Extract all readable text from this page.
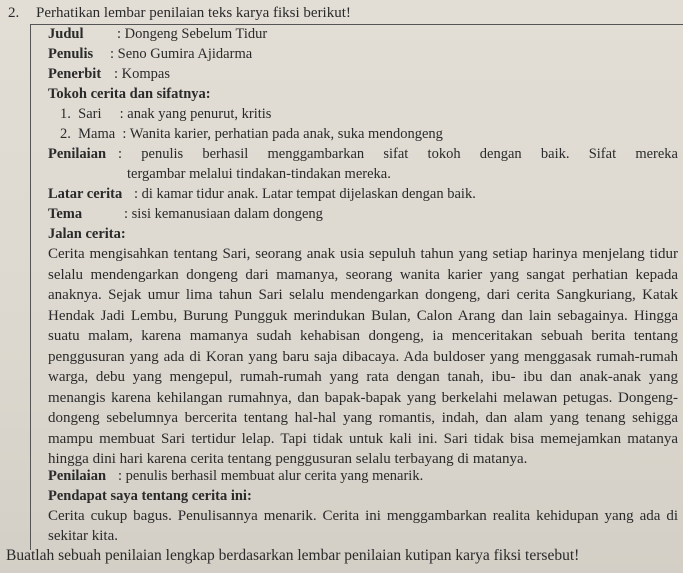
2. Perhatikan lembar penilaian teks karya fiksi berikut!
Judul : Dongeng Sebelum Tidur
Penulis : Seno Gumira Ajidarma
Penerbit : Kompas
Tokoh cerita dan sifatnya:
1.  Sari     : anak yang penurut, kritis
2.  Mama  : Wanita karier, perhatian pada anak, suka mendongeng
Penilaian : penulis berhasil menggambarkan sifat tokoh dengan baik. Sifat mereka
tergambar melalui tindakan-tindakan mereka.
Latar cerita : di kamar tidur anak. Latar tempat dijelaskan dengan baik.
Tema	: sisi kemanusiaan dalam dongeng
Jalan cerita:
Cerita mengisahkan tentang Sari, seorang anak usia sepuluh tahun yang setiap harinya menjelang tidur selalu mendengarkan dongeng dari mamanya, seorang wanita karier yang sangat perhatian kepada anaknya. Sejak umur lima tahun Sari selalu mendengarkan dongeng, dari cerita Sangkuriang, Katak Hendak Jadi Lembu, Burung Pungguk merindukan Bulan, Calon Arang dan lain sebagainya. Hingga suatu malam, karena mamanya sudah kehabisan dongeng, ia menceritakan sebuah berita tentang penggusuran yang ada di Koran yang baru saja dibacaya. Ada buldoser yang menggasak rumah-rumah warga, debu yang mengepul, rumah-rumah yang rata dengan tanah, ibu- ibu dan anak-anak yang menangis karena kehilangan rumahnya, dan bapak-bapak yang berkelahi melawan petugas. Dongeng-dongeng sebelumnya bercerita tentang hal-hal yang romantis, indah, dan alam yang tenang sehigga mampu membuat Sari tertidur lelap. Tapi tidak untuk kali ini. Sari tidak bisa memejamkan matanya hingga dini hari karena cerita tentang penggusuran selalu terbayang di matanya.
Penilaian : penulis berhasil membuat alur cerita yang menarik.
Pendapat saya tentang cerita ini:
Cerita cukup bagus. Penulisannya menarik. Cerita ini menggambarkan realita kehidupan yang ada di sekitar kita.
Buatlah sebuah penilaian lengkap berdasarkan lembar penilaian kutipan karya fiksi tersebut!
